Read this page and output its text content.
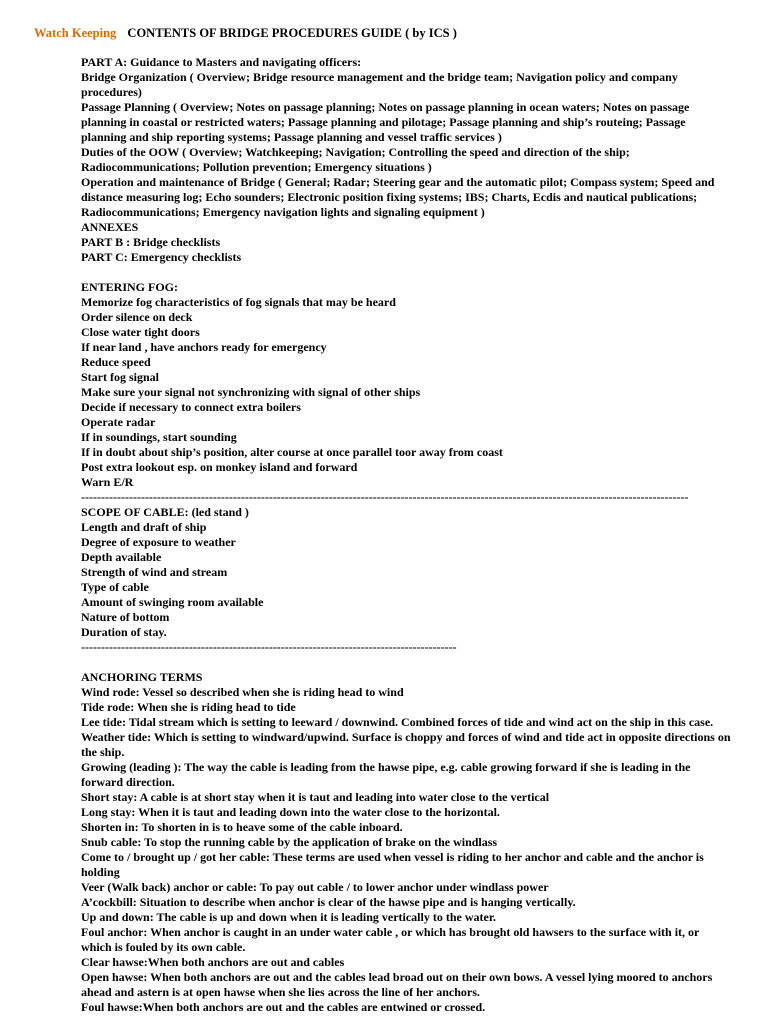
Watch Keeping CONTENTS OF BRIDGE PROCEDURES GUIDE ( by ICS )
PART A: Guidance to Masters and navigating officers:
Bridge Organization ( Overview; Bridge resource management and the bridge team; Navigation policy and company procedures)
Passage Planning ( Overview; Notes on passage planning; Notes on passage planning in ocean waters; Notes on passage planning in coastal or restricted waters; Passage planning and pilotage; Passage planning and ship’s routeing; Passage planning and ship reporting systems; Passage planning and vessel traffic services )
Duties of the OOW ( Overview; Watchkeeping; Navigation; Controlling the speed and direction of the ship; Radiocommunications; Pollution prevention; Emergency situations )
Operation and maintenance of Bridge ( General; Radar; Steering gear and the automatic pilot; Compass system; Speed and distance measuring log; Echo sounders; Electronic position fixing systems; IBS; Charts, Ecdis and nautical publications; Radiocommunications; Emergency navigation lights and signaling equipment )
ANNEXES
PART B : Bridge checklists
PART C: Emergency checklists
ENTERING FOG:
Memorize fog characteristics of fog signals that may be heard
Order silence on deck
Close water tight doors
If near land , have anchors ready for emergency
Reduce speed
Start fog signal
Make sure your signal not synchronizing with signal of other ships
Decide if necessary to connect extra boilers
Operate radar
If in soundings, start sounding
If in doubt about ship’s position, alter course at once parallel toor away from coast
Post extra lookout esp. on monkey island and forward
Warn E/R
--------------------------------------------------------------------------------------------------------------------------------------------------------
SCOPE OF CABLE: (led stand )
Length and draft of ship
Degree of exposure to weather
Depth available
Strength of wind and stream
Type of cable
Amount of swinging room available
Nature of bottom
Duration of stay.
----------------------------------------------------------------------------------------------
ANCHORING TERMS
Wind rode: Vessel so described when she is riding head to wind
Tide rode: When she is riding head to tide
Lee tide: Tidal stream which is setting to leeward / downwind. Combined forces of tide and wind act on the ship in this case.
Weather tide: Which is setting to windward/upwind. Surface is choppy and forces of wind and tide act in opposite directions on the ship.
Growing (leading ): The way the cable is leading from the hawse pipe, e.g. cable growing forward if she is leading in the forward direction.
Short stay: A cable is at short stay when it is taut and leading into water close to the vertical
Long stay: When it is taut and leading down into the water close to the horizontal.
Shorten in: To shorten in is to heave some of the cable inboard.
Snub cable: To stop the running cable by the application of brake on the windlass
Come to / brought up / got her cable: These terms are used when vessel is riding to her anchor and cable and the anchor is holding
Veer (Walk back) anchor or cable: To pay out cable / to lower anchor under windlass power
A’cockbill: Situation to describe when anchor is clear of the hawse pipe and is hanging vertically.
Up and down: The cable is up and down when it is leading vertically to the water.
Foul anchor: When anchor is caught in an under water cable , or which has brought old hawsers to the surface with it, or which is fouled by its own cable.
Clear hawse:When both anchors are out and cables
Open hawse: When both anchors are out and the cables lead broad out on their own bows. A vessel lying moored to anchors ahead and astern is at open hawse when she lies across the line of her anchors.
Foul hawse:When both anchors are out and the cables are entwined or crossed.
